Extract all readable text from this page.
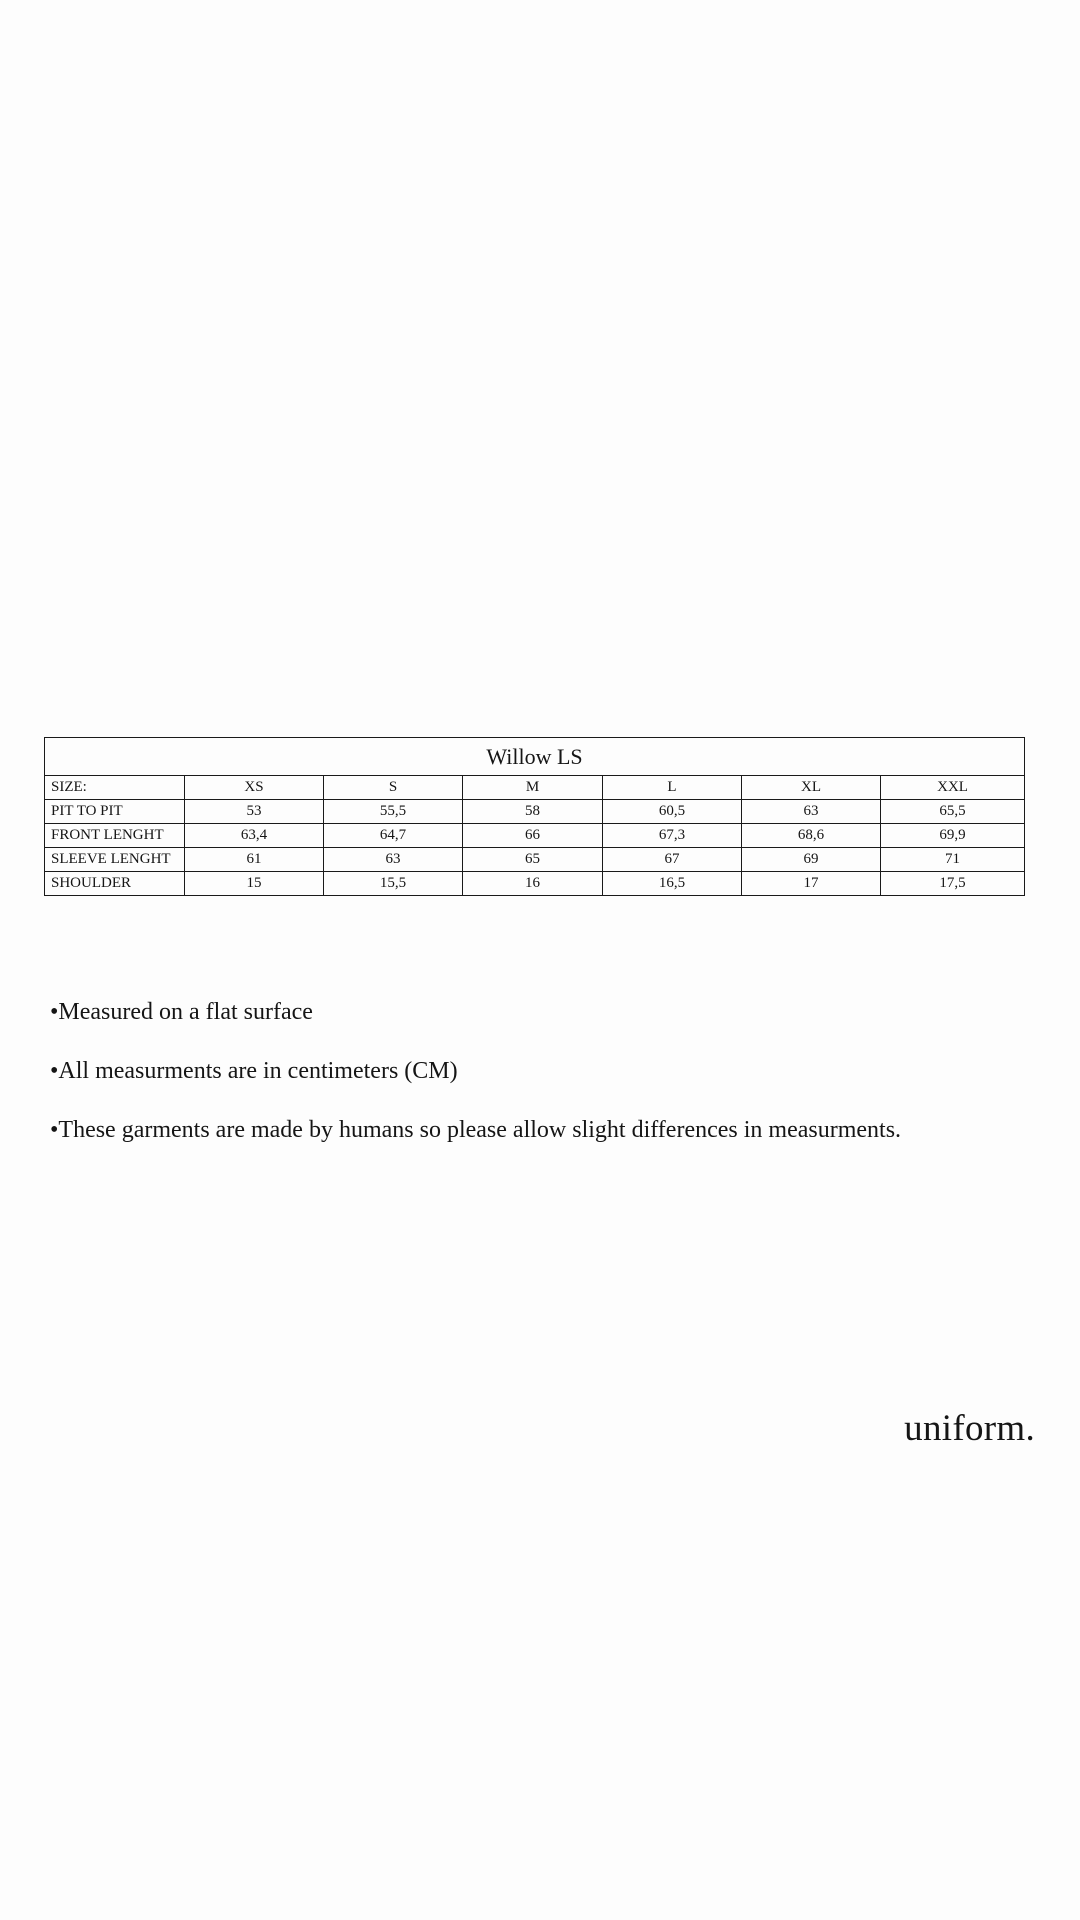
Willow LS						
SIZE:	XS	S	M	L	XL	XXL
PIT TO PIT	53	55,5	58	60,5	63	65,5
FRONT LENGHT	63,4	64,7	66	67,3	68,6	69,9
SLEEVE LENGHT	61	63	65	67	69	71
SHOULDER	15	15,5	16	16,5	17	17,5

•Measured on a flat surface

•All measurments are in centimeters (CM)

•These garments are made by humans so please allow slight differences in measurments.

uniform.
